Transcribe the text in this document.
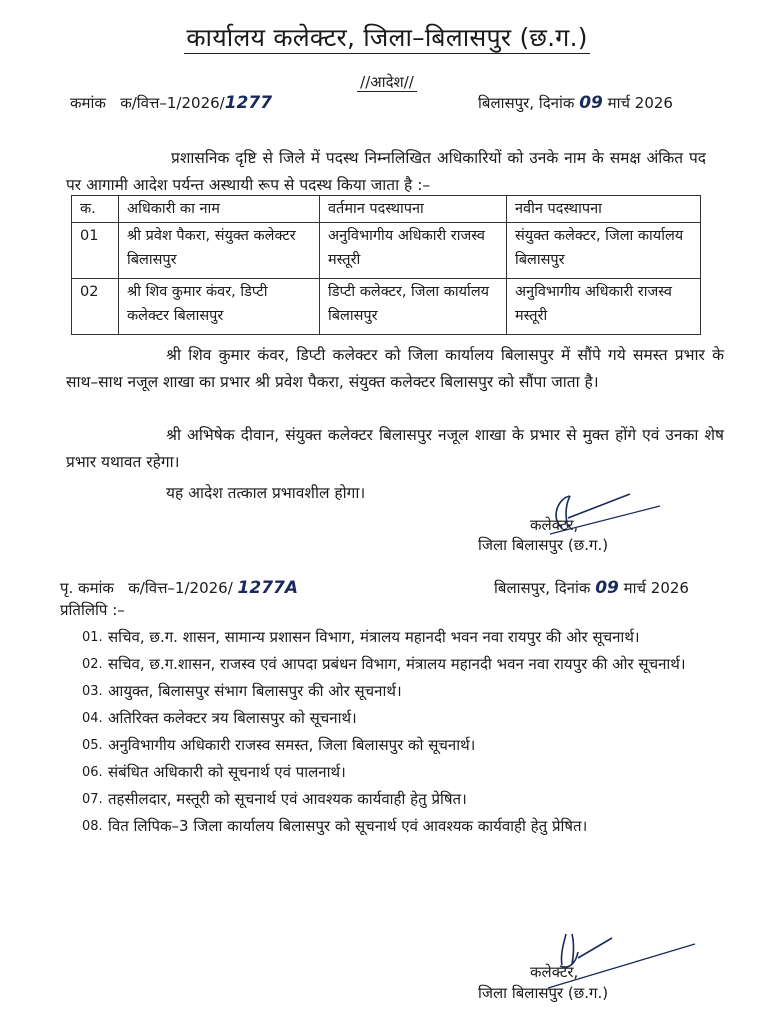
कार्यालय कलेक्टर, जिला–बिलासपुर (छ.ग.)
//आदेश//
कमांक क/वित्त–1/2026/1277	बिलासपुर, दिनांक 09 मार्च 2026

प्रशासनिक दृष्टि से जिले में पदस्थ निम्नलिखित अधिकारियों को उनके नाम के समक्ष अंकित पद पर आगामी आदेश पर्यन्त अस्थायी रूप से पदस्थ किया जाता है :–

क.	अधिकारी का नाम	वर्तमान पदस्थापना	नवीन पदस्थापना
01	श्री प्रवेश पैकरा, संयुक्त कलेक्टर बिलासपुर	अनुविभागीय अधिकारी राजस्व मस्तूरी	संयुक्त कलेक्टर, जिला कार्यालय बिलासपुर
02	श्री शिव कुमार कंवर, डिप्टी कलेक्टर बिलासपुर	डिप्टी कलेक्टर, जिला कार्यालय बिलासपुर	अनुविभागीय अधिकारी राजस्व मस्तूरी

श्री शिव कुमार कंवर, डिप्टी कलेक्टर को जिला कार्यालय बिलासपुर में सौंपे गये समस्त प्रभार के साथ–साथ नजूल शाखा का प्रभार श्री प्रवेश पैकरा, संयुक्त कलेक्टर बिलासपुर को सौंपा जाता है।

श्री अभिषेक दीवान, संयुक्त कलेक्टर बिलासपुर नजूल शाखा के प्रभार से मुक्त होंगे एवं उनका शेष प्रभार यथावत रहेगा।

यह आदेश तत्काल प्रभावशील होगा।

कलेक्टर,
जिला बिलासपुर (छ.ग.)
पृ. कमांक क/वित्त–1/2026/ 1277A	बिलासपुर, दिनांक 09 मार्च 2026
प्रतिलिपि :–
01. सचिव, छ.ग. शासन, सामान्य प्रशासन विभाग, मंत्रालय महानदी भवन नवा रायपुर की ओर सूचनार्थ।
02. सचिव, छ.ग.शासन, राजस्व एवं आपदा प्रबंधन विभाग, मंत्रालय महानदी भवन नवा रायपुर की ओर सूचनार्थ।
03. आयुक्त, बिलासपुर संभाग बिलासपुर की ओर सूचनार्थ।
04. अतिरिक्त कलेक्टर त्रय बिलासपुर को सूचनार्थ।
05. अनुविभागीय अधिकारी राजस्व समस्त, जिला बिलासपुर को सूचनार्थ।
06. संबंधित अधिकारी को सूचनार्थ एवं पालनार्थ।
07. तहसीलदार, मस्तूरी को सूचनार्थ एवं आवश्यक कार्यवाही हेतु प्रेषित।
08. वित लिपिक–3 जिला कार्यालय बिलासपुर को सूचनार्थ एवं आवश्यक कार्यवाही हेतु प्रेषित।
कलेक्टर,
जिला बिलासपुर (छ.ग.)
